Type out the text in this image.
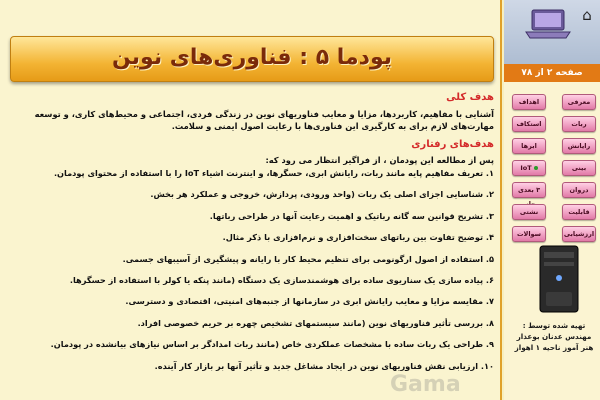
پودما ۵ : فناوری‌های نوین
هدف کلی
آشنایی با مفاهیم، کاربردها، مزایا و معایب فناوریهای نوین در زندگی فردی، اجتماعی و محیط‌های کاری، و توسعه مهارت‌های لازم برای به کارگیری این فناوری‌ها با رعایت اصول ایمنی و سلامت.
هدف‌های رفتاری
پس از مطالعه این پودمان ، از فراگیر انتظار می رود که:
۱. تعریف مفاهیم پایه مانند ربات، رایانش ابری، حسگرها، و اینترنت اشیاء IoT را با استفاده از محتوای پودمان.
۲. شناسایی اجزای اصلی یک ربات (واحد ورودی، پردازش، خروجی و عملکرد هر بخش.
۳. تشریح قوانین سه گانه رباتیک و اهمیت رعایت آنها در طراحی رباتها.
۴. توضیح تفاوت بین رباتهای سخت‌افزاری و نرم‌افزاری با ذکر مثال.
۵. استفاده از اصول ارگونومی برای تنظیم محیط کار با رایانه و پیشگیری از آسیبهای جسمی.
۶. پیاده سازی یک سناریوی ساده برای هوشمندسازی یک دستگاه (مانند پنکه یا کولر با استفاده از حسگرها.
۷. مقایسه مزایا و معایب رایانش ابری در سازمانها از جنبه‌های امنیتی، اقتصادی و دسترسی.
۸. بررسی تأثیر فناوریهای نوین (مانند سیستمهای تشخیص چهره بر حریم خصوصی افراد.
۹. طراحی یک ربات ساده با مشخصات عملکردی خاص (مانند ربات امدادگر بر اساس نیازهای بیانشده در پودمان.
۱۰. ارزیابی نقش فناوریهای نوین در ایجاد مشاغل جدید و تأثیر آنها بر بازار کار آینده.
⌂
صفحه ۲ از ۷۸
اهداف	معرفی
استکاف	ربات
ابرها	رایانش
IoT	بینی
۳ بعدی	دروان
نشتی	قابلیت
سوالات	ارزشیابی
تهیه شده توسط :
مهندس عدنان بوعذار
هنر آموز ناحیه ۱ اهواز
Gama
